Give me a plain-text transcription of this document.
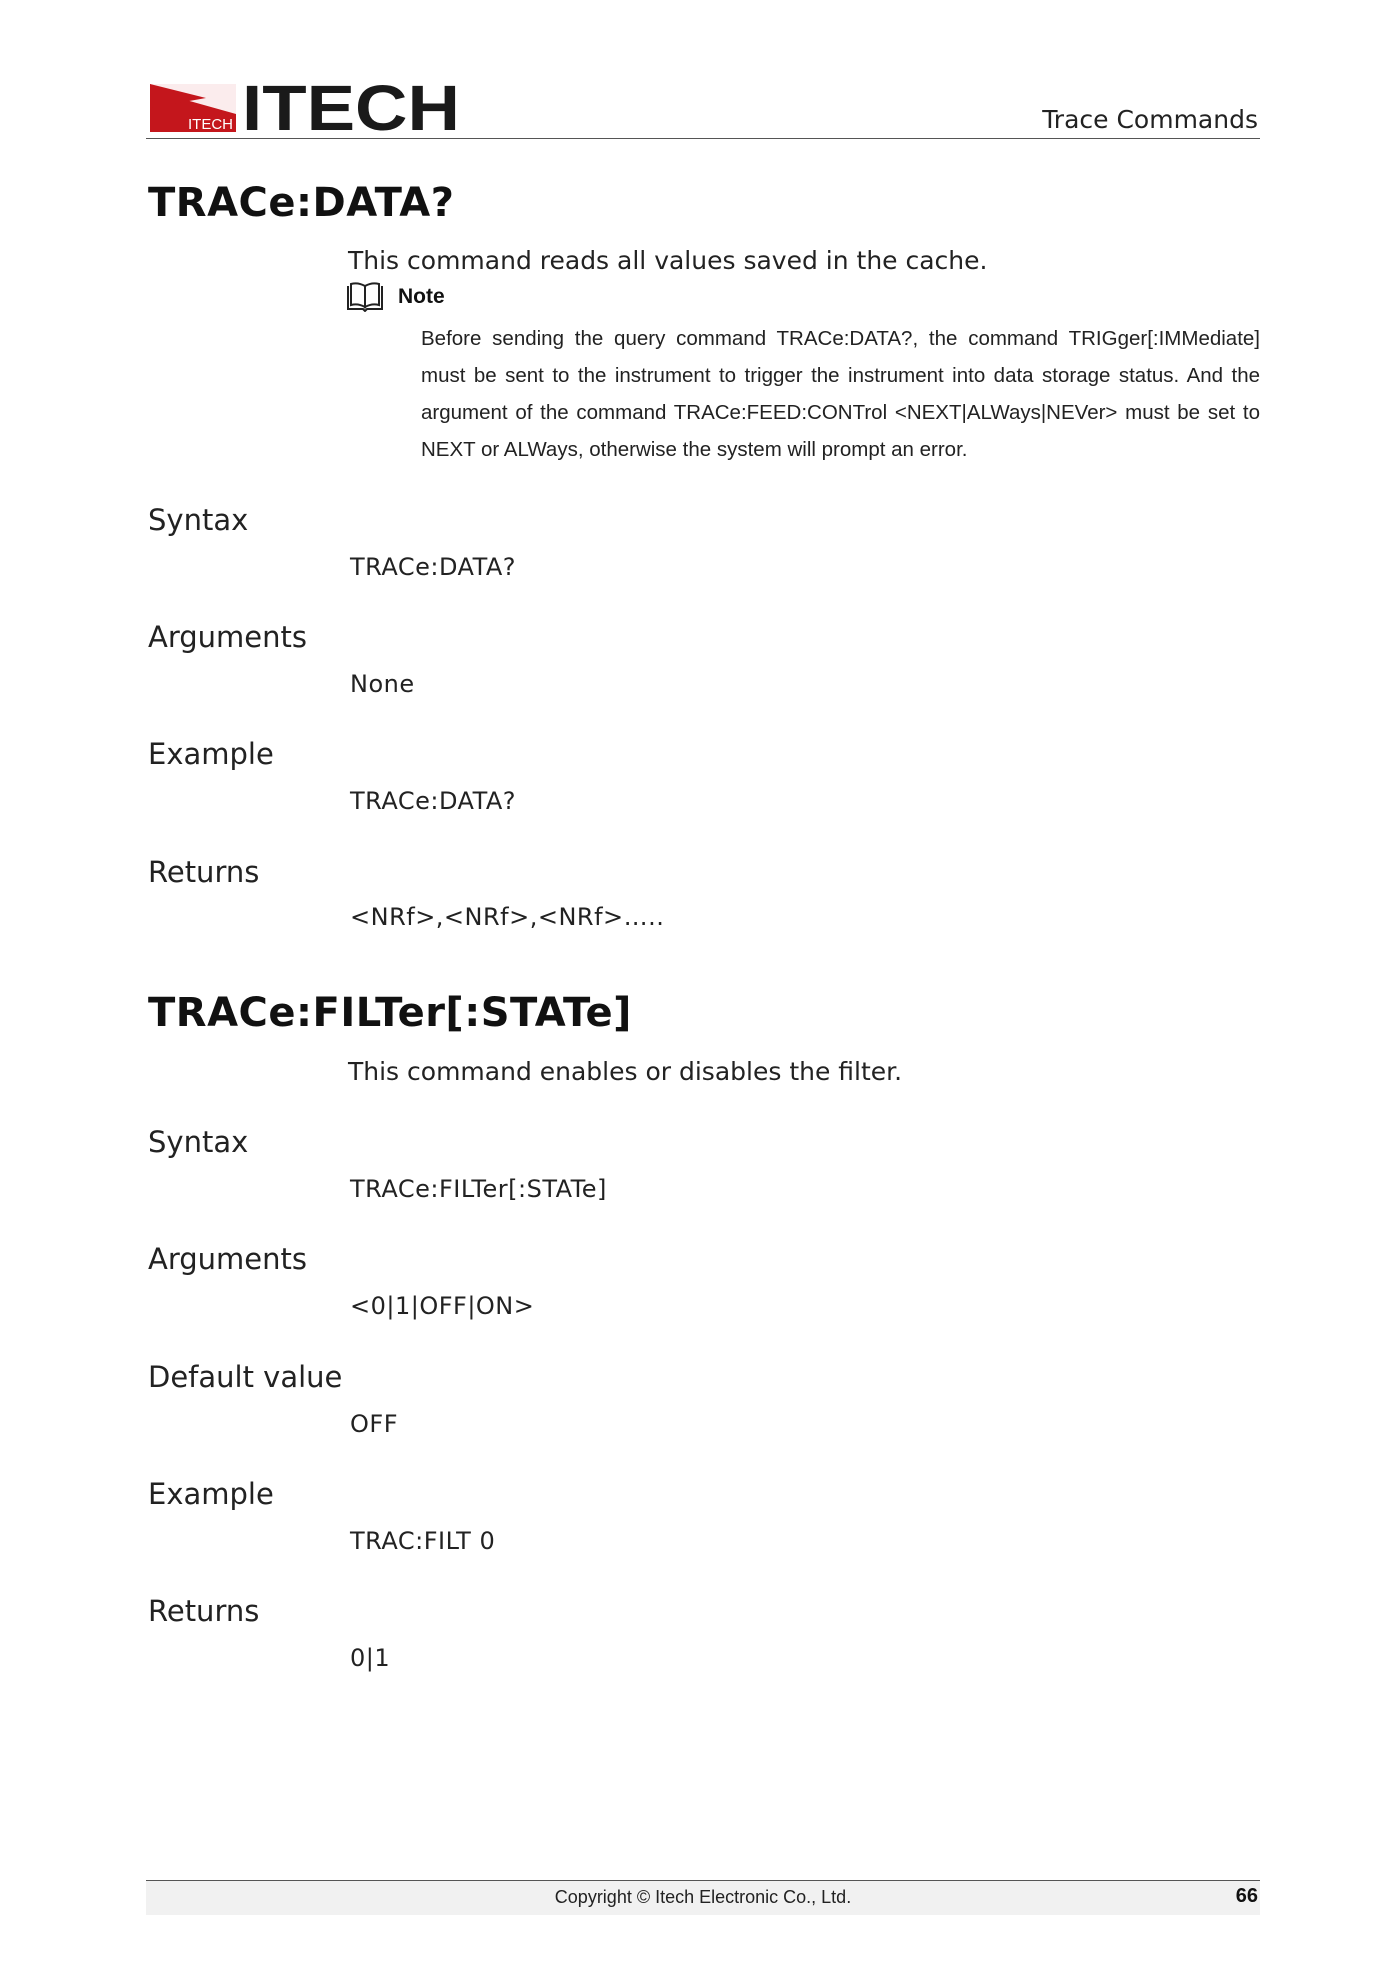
ITECH ITECH	Trace Commands
TRACe:DATA?
This command reads all values saved in the cache.
Note
Before sending the query command TRACe:DATA?, the command TRIGger[:IMMediate] must be sent to the instrument to trigger the instrument into data storage status. And the argument of the command TRACe:FEED:CONTrol <NEXT|ALWays|NEVer> must be set to NEXT or ALWays, otherwise the system will prompt an error.
Syntax
TRACe:DATA?
Arguments
None
Example
TRACe:DATA?
Returns
<NRf>,<NRf>,<NRf>…..
TRACe:FILTer[:STATe]
This command enables or disables the filter.
Syntax
TRACe:FILTer[:STATe]
Arguments
<0|1|OFF|ON>
Default value
OFF
Example
TRAC:FILT 0
Returns
0|1
Copyright © Itech Electronic Co., Ltd.	66
